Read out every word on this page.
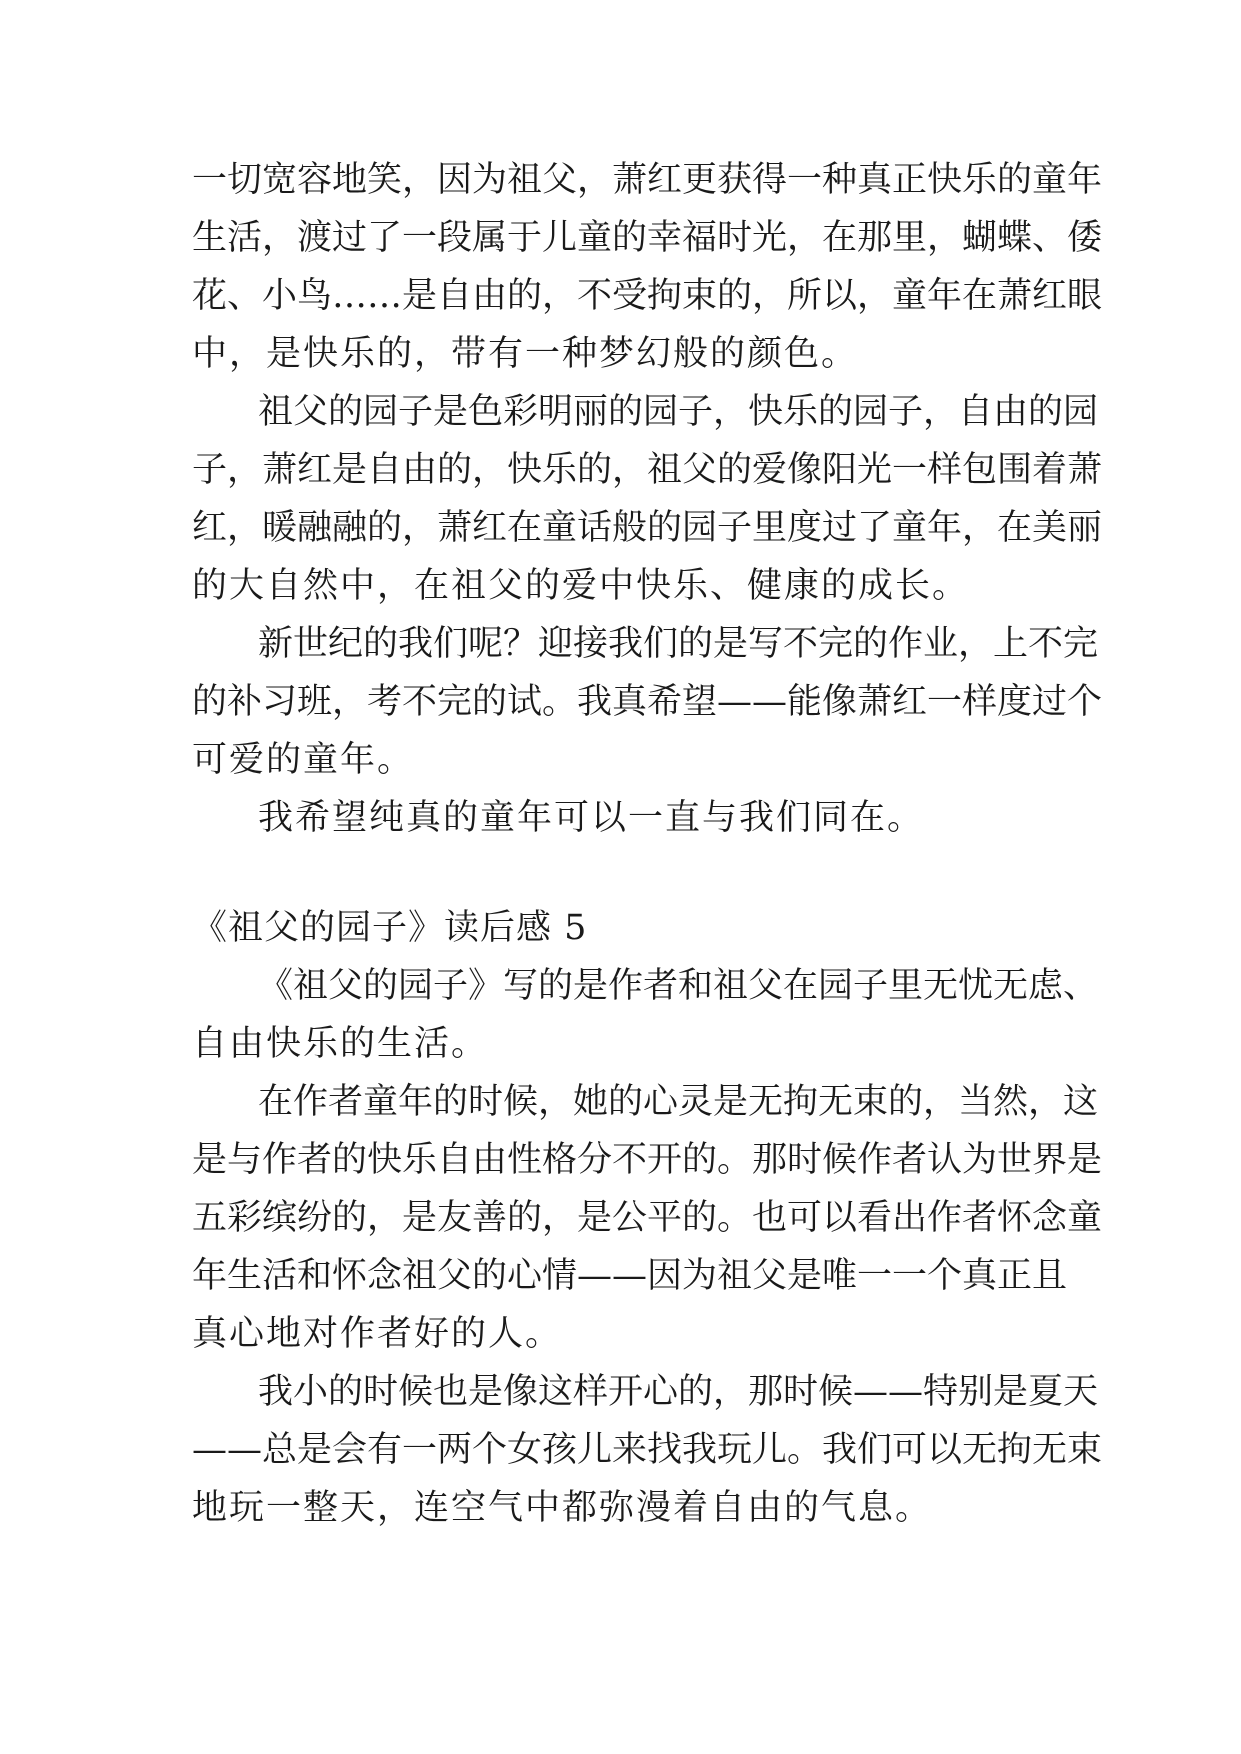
一切宽容地笑，因为祖父，萧红更获得一种真正快乐的童年
生活，渡过了一段属于儿童的幸福时光，在那里，蝴蝶、倭
花、小鸟……是自由的，不受拘束的，所以，童年在萧红眼
中，是快乐的，带有一种梦幻般的颜色。
祖父的园子是色彩明丽的园子，快乐的园子，自由的园
子，萧红是自由的，快乐的，祖父的爱像阳光一样包围着萧
红，暖融融的，萧红在童话般的园子里度过了童年，在美丽
的大自然中，在祖父的爱中快乐、健康的成长。
新世纪的我们呢？迎接我们的是写不完的作业，上不完
的补习班，考不完的试。我真希望——能像萧红一样度过个
可爱的童年。
我希望纯真的童年可以一直与我们同在。
《祖父的园子》读后感 5
《祖父的园子》写的是作者和祖父在园子里无忧无虑、
自由快乐的生活。
在作者童年的时候，她的心灵是无拘无束的，当然，这
是与作者的快乐自由性格分不开的。那时候作者认为世界是
五彩缤纷的，是友善的，是公平的。也可以看出作者怀念童
年生活和怀念祖父的心情——因为祖父是唯一一个真正且
真心地对作者好的人。
我小的时候也是像这样开心的，那时候——特别是夏天
——总是会有一两个女孩儿来找我玩儿。我们可以无拘无束
地玩一整天，连空气中都弥漫着自由的气息。
